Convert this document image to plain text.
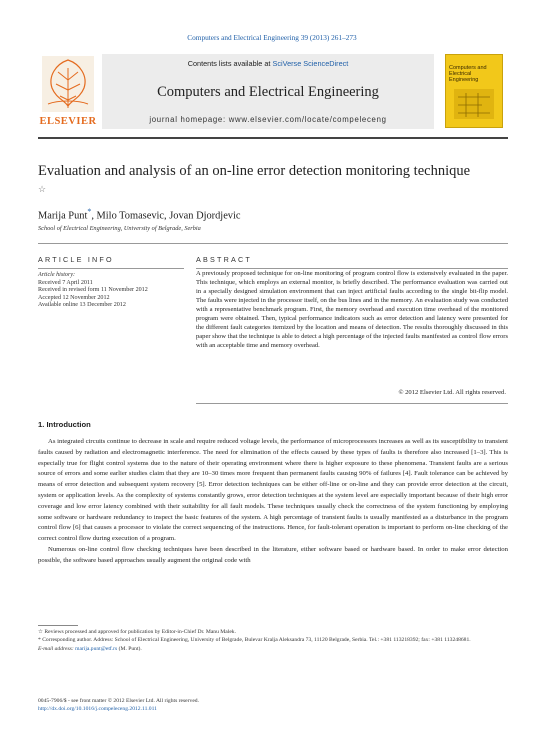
Computers and Electrical Engineering 39 (2013) 261–273
ELSEVIER
Contents lists available at SciVerse ScienceDirect
Computers and Electrical Engineering
journal homepage: www.elsevier.com/locate/compeleceng
Computers and Electrical Engineering
Evaluation and analysis of an on-line error detection monitoring technique ☆
Marija Punt*, Milo Tomasevic, Jovan Djordjevic
School of Electrical Engineering, University of Belgrade, Serbia
ARTICLE INFO	ABSTRACT
Article history:
Received 7 April 2011
Received in revised form 11 November 2012
Accepted 12 November 2012
Available online 13 December 2012
A previously proposed technique for on-line monitoring of program control flow is extensively evaluated in the paper. This technique, which employs an external monitor, is briefly described. The performance evaluation was carried out in a specially designed simulation environment that can inject artificial faults according to the single bit-flip model. The faults were injected in the processor itself, on the bus lines and in the memory. An evaluation study was conducted with a representative benchmark program. First, the memory overhead and execution time overhead of the monitored program were obtained. Then, typical performance indicators such as error detection and latency were presented for the different fault categories itemized by the location and means of detection. The results thoroughly discussed in this paper show that the technique is able to detect a high percentage of the injected faults manifested as control flow errors with an acceptable time and memory overhead.
© 2012 Elsevier Ltd. All rights reserved.
1. Introduction

As integrated circuits continue to decrease in scale and require reduced voltage levels, the performance of microprocessors increases as well as its susceptibility to transient faults caused by radiation and electromagnetic interference. The need for elimination of the effects caused by these types of faults is therefore also increased [1–3]. This is especially true for flight control systems due to the nature of their operating environment where there is higher exposure to these phenomena. Transient faults are a serious source of errors and some earlier studies claim that they are 10–30 times more frequent than permanent faults causing 90% of failures [4]. Fault tolerance can be achieved by means of error detection and subsequent system recovery [5]. Error detection techniques can be either off-line or on-line and they can provide error detection at the circuit, system or application levels. As the complexity of systems constantly grows, error detection techniques at the system level are especially important because of their high error coverage and low error latency combined with their suitability for all fault models. These techniques usually check the correctness of the system functioning by employing some software or hardware redundancy to inspect the basic features of the system. A high percentage of transient faults is usually manifested as a disturbance in the program control flow [6] that causes a processor to violate the correct sequencing of the instructions. Hence, for fault-tolerant operation is important to perform on-line checking of the correct control flow during execution of a program.

Numerous on-line control flow checking techniques have been described in the literature, either software based or hardware based. In order to make error detection possible, the software based approaches usually augment the original code with

☆ Reviews processed and approved for publication by Editor-in-Chief Dr. Manu Malek.

* Corresponding author. Address: School of Electrical Engineering, University of Belgrade, Bulevar Kralja Aleksandra 73, 11120 Belgrade, Serbia. Tel.: +381 113218392; fax: +381 113248681.

E-mail address: marija.punt@etf.rs (M. Punt).

0045-7906/$ - see front matter © 2012 Elsevier Ltd. All rights reserved.

http://dx.doi.org/10.1016/j.compeleceng.2012.11.011
